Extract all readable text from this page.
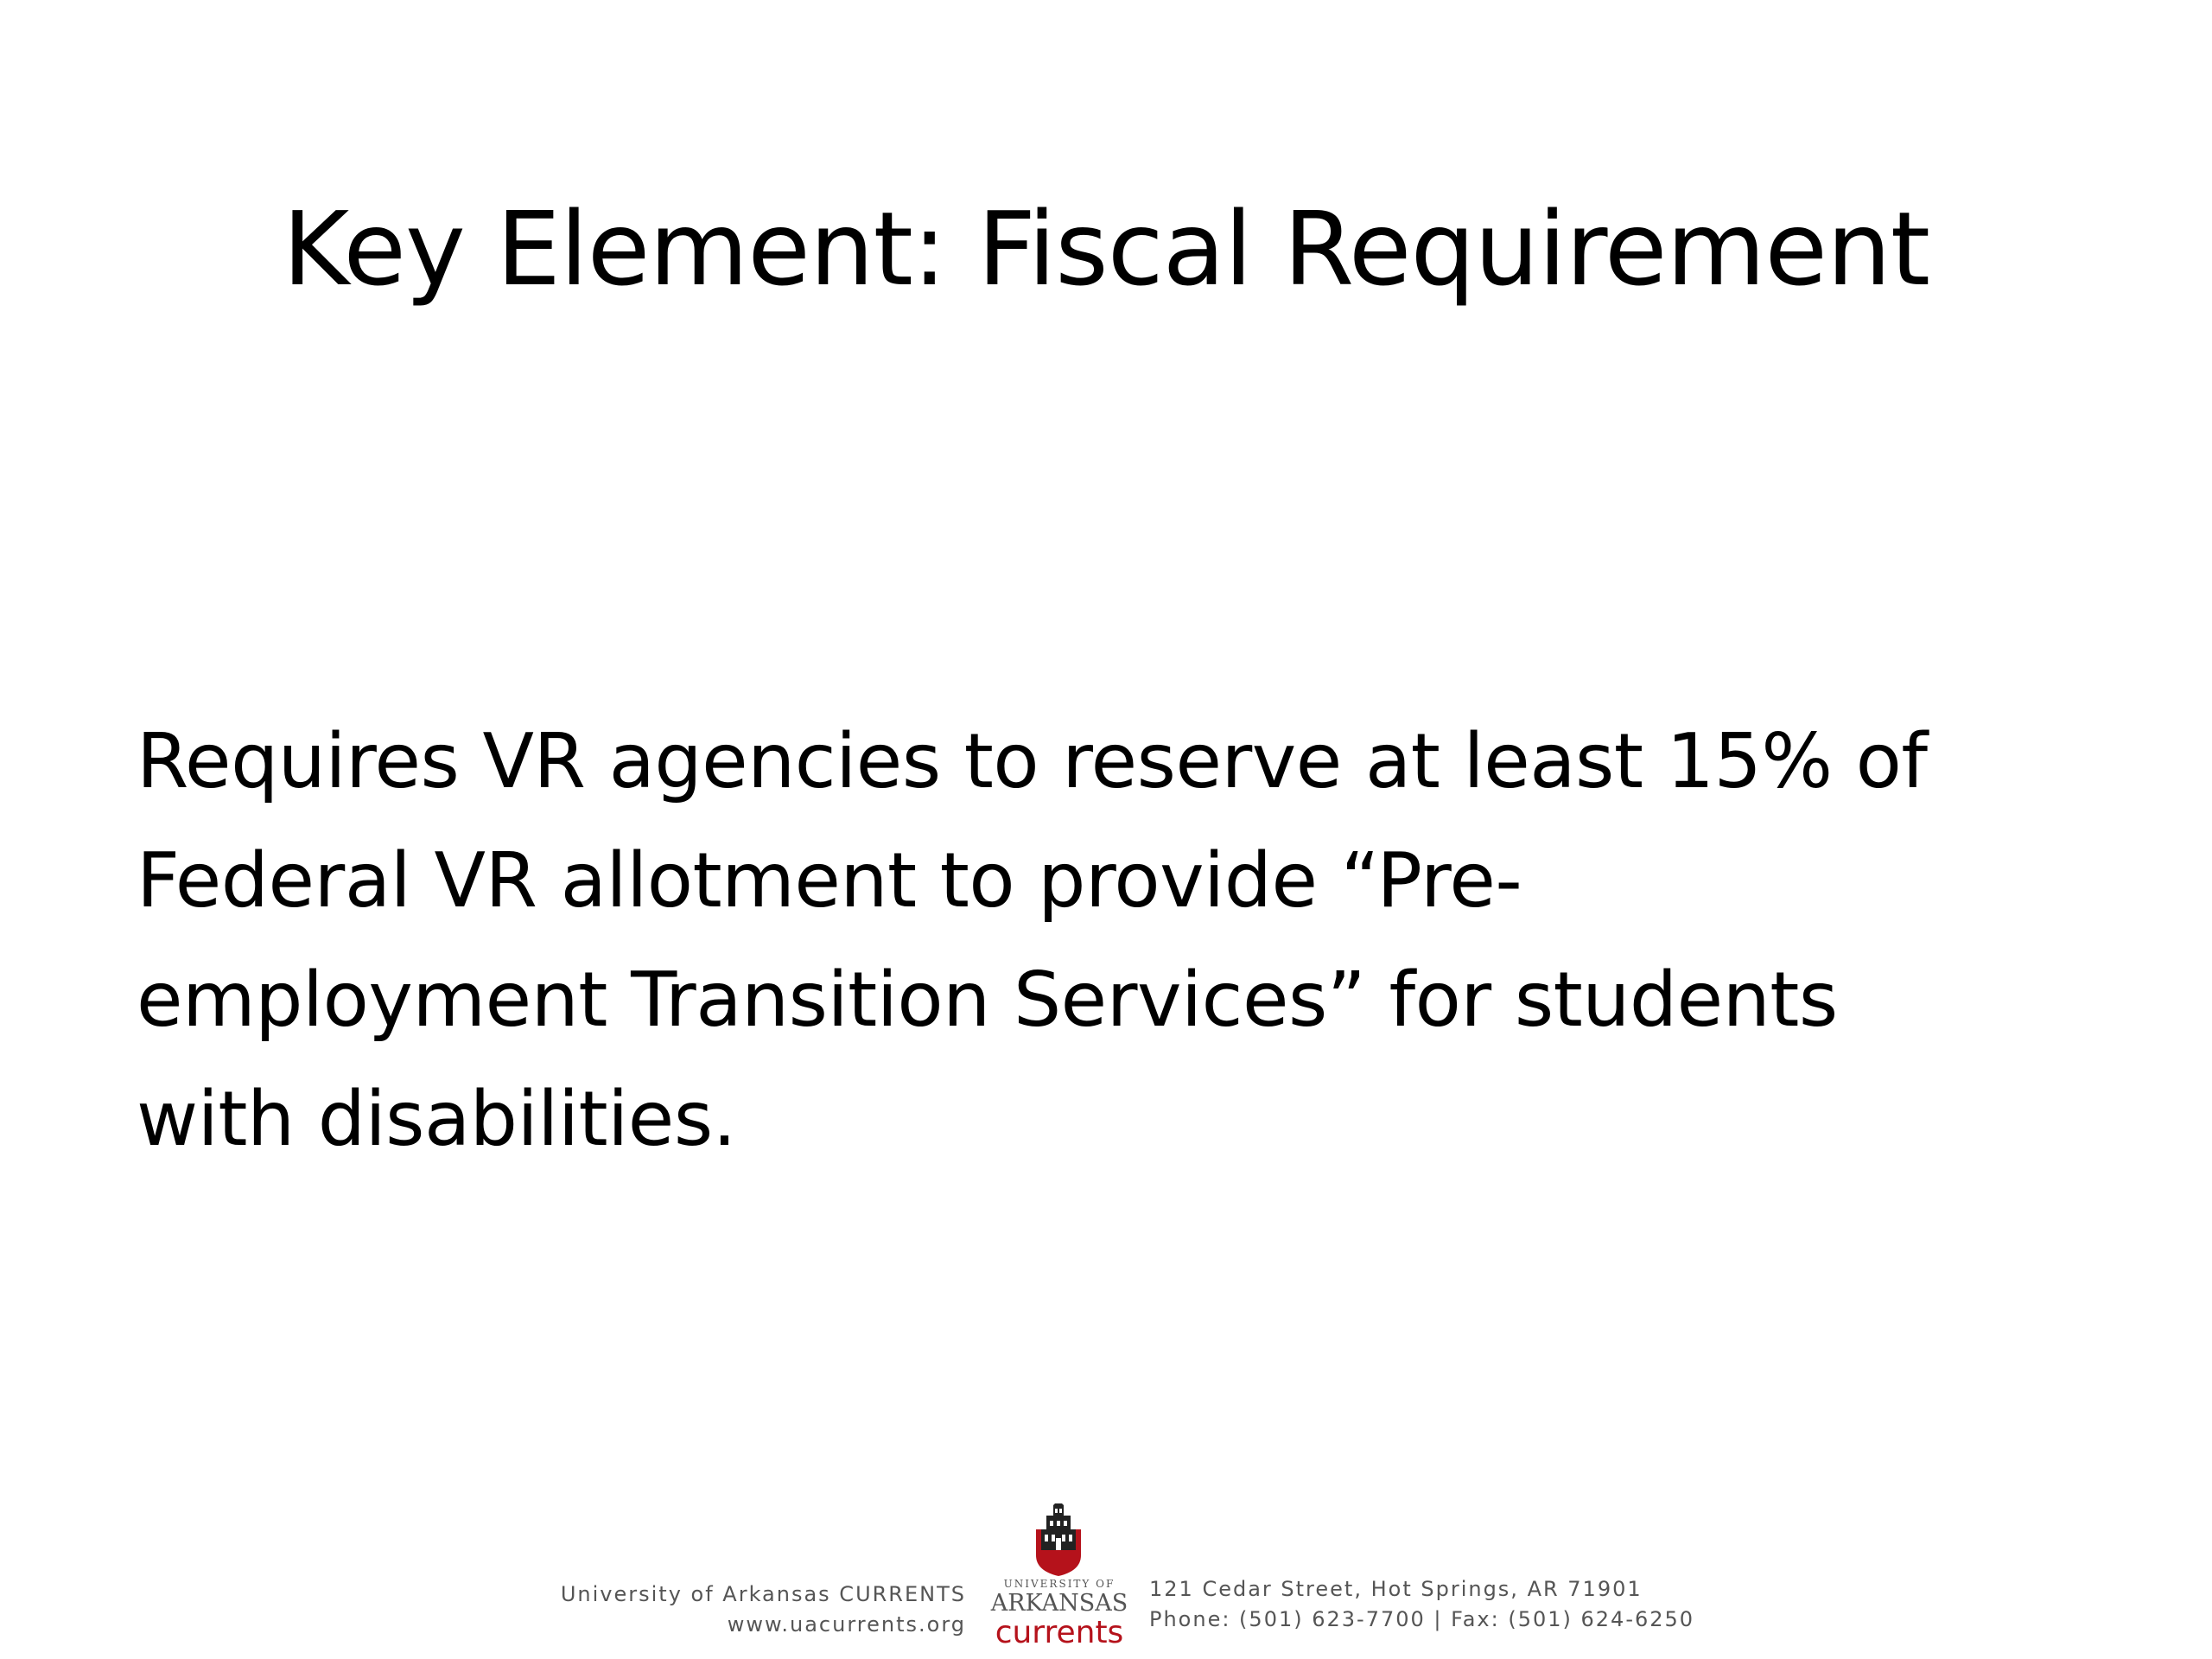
Key Element: Fiscal Requirement
Requires VR agencies to reserve at least 15% of
Federal VR allotment to provide “Pre-
employment Transition Services” for students
with disabilities.
University of Arkansas CURRENTS
www.uacurrents.org
UNIVERSITY OF
ARKANSAS
currents
121 Cedar Street, Hot Springs, AR 71901
Phone: (501) 623-7700 | Fax: (501) 624-6250
